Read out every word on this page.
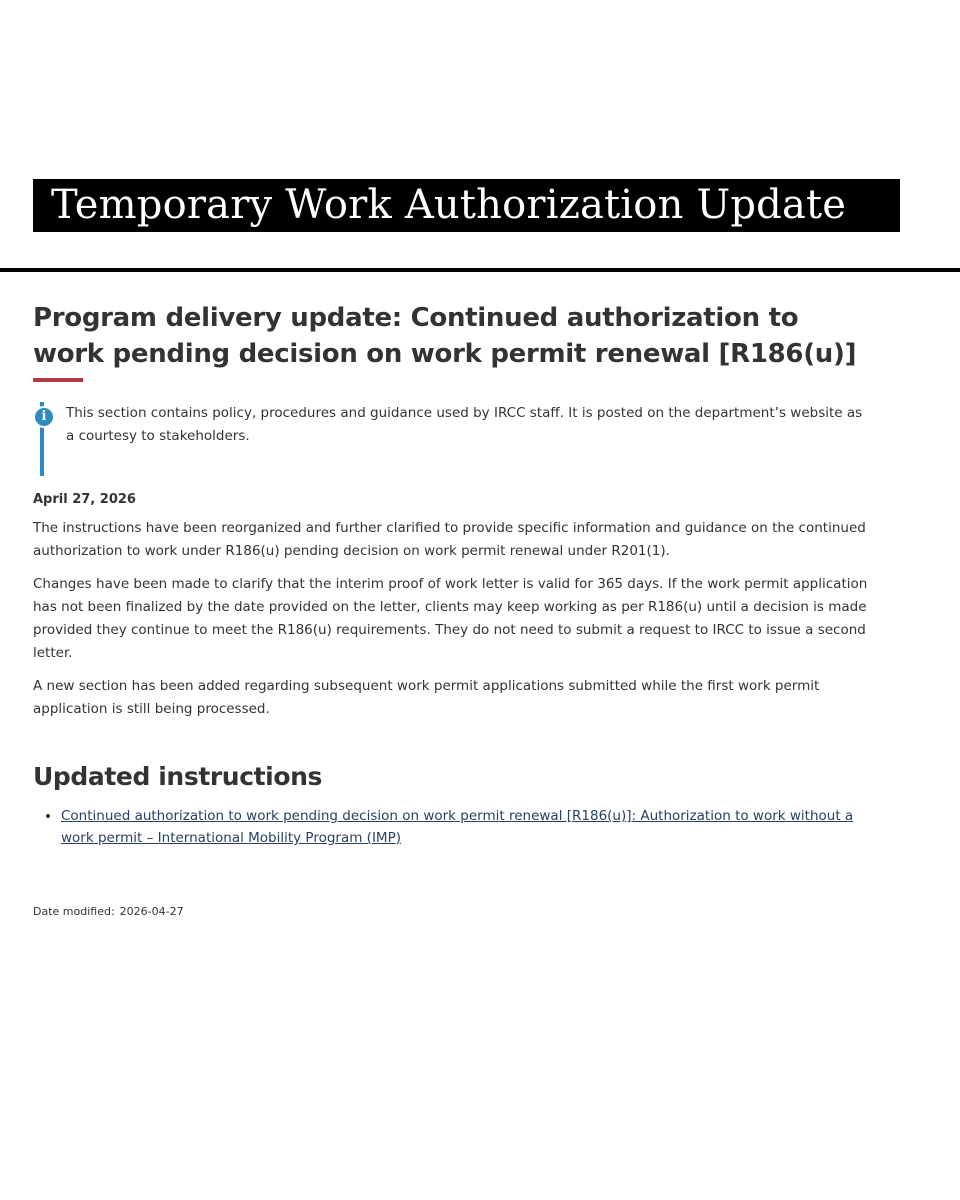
Temporary Work Authorization Update
Program delivery update: Continued authorization to work pending decision on work permit renewal [R186(u)]
i	This section contains policy, procedures and guidance used by IRCC staff. It is posted on the department’s website as a courtesy to stakeholders.
April 27, 2026

The instructions have been reorganized and further clarified to provide specific information and guidance on the continued authorization to work under R186(u) pending decision on work permit renewal under R201(1).

Changes have been made to clarify that the interim proof of work letter is valid for 365 days. If the work permit application has not been finalized by the date provided on the letter, clients may keep working as per R186(u) until a decision is made provided they continue to meet the R186(u) requirements. They do not need to submit a request to IRCC to issue a second letter.

A new section has been added regarding subsequent work permit applications submitted while the first work permit application is still being processed.

Updated instructions
• Continued authorization to work pending decision on work permit renewal [R186(u)]: Authorization to work without a work permit – International Mobility Program (IMP)
Date modified: 2026-04-27
